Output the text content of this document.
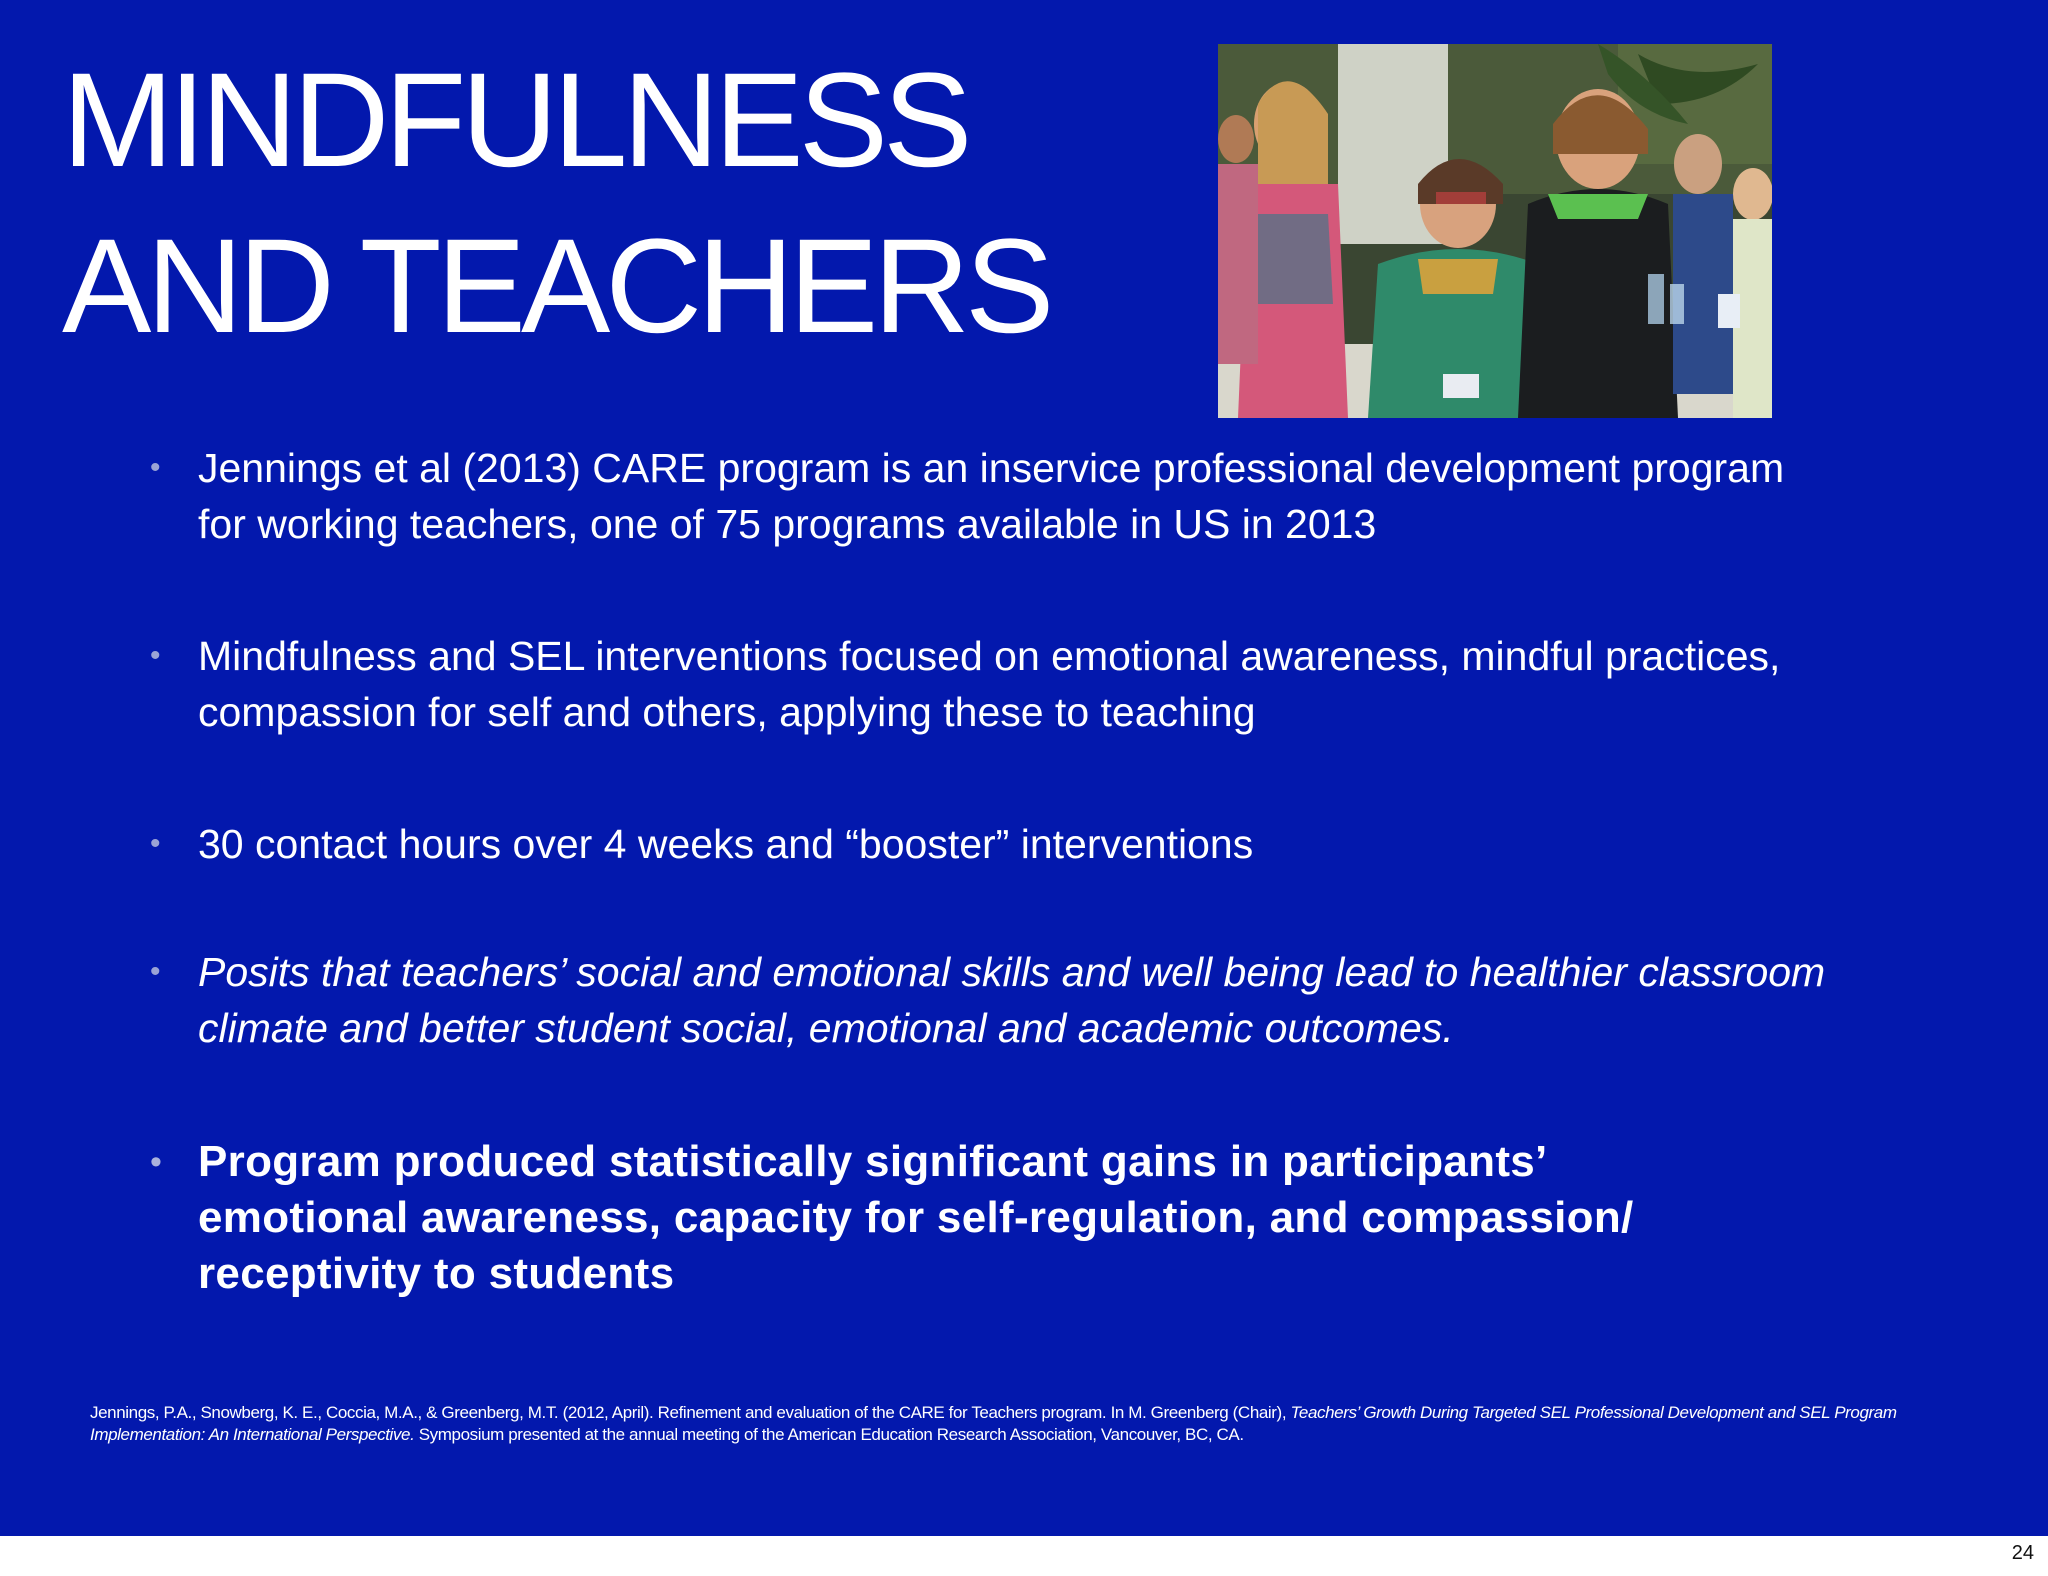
MINDFULNESS
AND TEACHERS
• Jennings et al (2013) CARE program is an inservice professional development program
for working teachers, one of 75 programs available in US in 2013
• Mindfulness and SEL interventions focused on emotional awareness, mindful practices,
compassion for self and others, applying these to teaching
• 30 contact hours over 4 weeks and “booster” interventions
• Posits that teachers’ social and emotional skills and well being lead to healthier classroom
climate and better student social, emotional and academic outcomes.
• Program produced statistically significant gains in participants’
emotional awareness, capacity for self-regulation, and compassion/
receptivity to students
Jennings, P.A., Snowberg, K. E., Coccia, M.A., & Greenberg, M.T. (2012, April). Refinement and evaluation of the CARE for Teachers program. In M. Greenberg (Chair), Teachers’ Growth During Targeted SEL Professional Development and SEL Program Implementation: An International Perspective. Symposium presented at the annual meeting of the American Education Research Association, Vancouver, BC, CA.
24
